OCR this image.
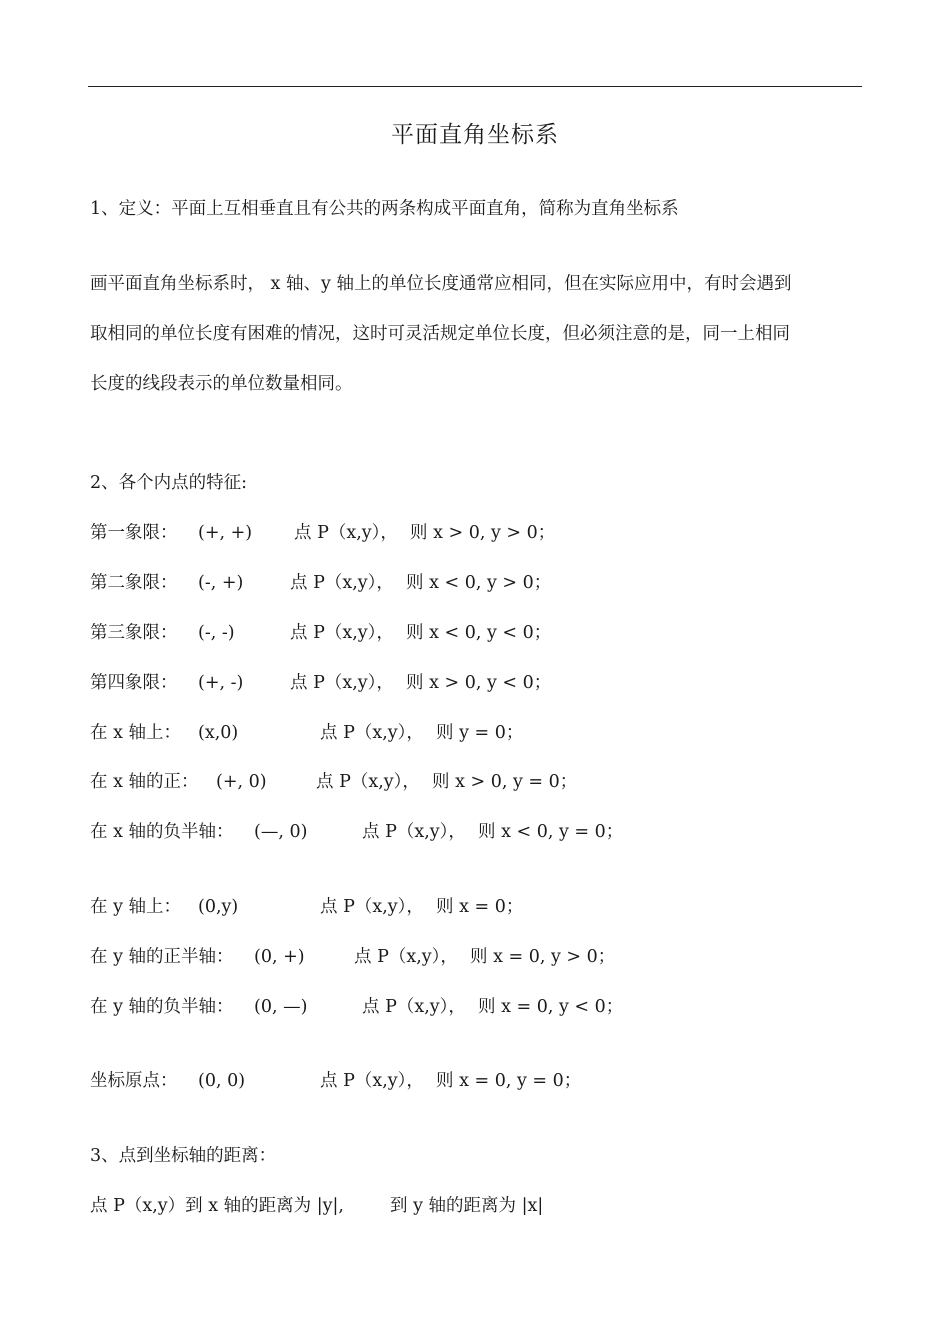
平面直角坐标系
1、定义：平面上互相垂直且有公共的两条构成平面直角，简称为直角坐标系
画平面直角坐标系时， x 轴、y 轴上的单位长度通常应相同，但在实际应用中，有时会遇到
取相同的单位长度有困难的情况，这时可灵活规定单位长度，但必须注意的是，同一上相同
长度的线段表示的单位数量相同。
2、各个内点的特征:
第一象限： (+, +) 点 P（x,y）， 则 x > 0, y > 0；
第二象限： (-, +)	点 P（x,y）， 则 x < 0, y > 0；
第三象限： (-, -)	点 P（x,y）， 则 x < 0, y < 0；
第四象限： (+, -)	点 P（x,y）， 则 x > 0, y < 0；
在 x 轴上： (x,0)	点 P（x,y）， 则 y = 0；
在 x 轴的正： (+, 0)	点 P（x,y）， 则 x > 0, y = 0；
在 x 轴的负半轴： (—, 0)	点 P（x,y）， 则 x < 0, y = 0；
在 y 轴上： (0,y)	点 P（x,y）， 则 x = 0；
在 y 轴的正半轴： (0, +)	点 P（x,y）， 则 x = 0, y > 0；
在 y 轴的负半轴： (0, —)	点 P（x,y）， 则 x = 0, y < 0；
坐标原点： (0, 0)	点 P（x,y）， 则 x = 0, y = 0；
3、点到坐标轴的距离：
点 P（x,y）到 x 轴的距离为 |y|,	到 y 轴的距离为 |x|
